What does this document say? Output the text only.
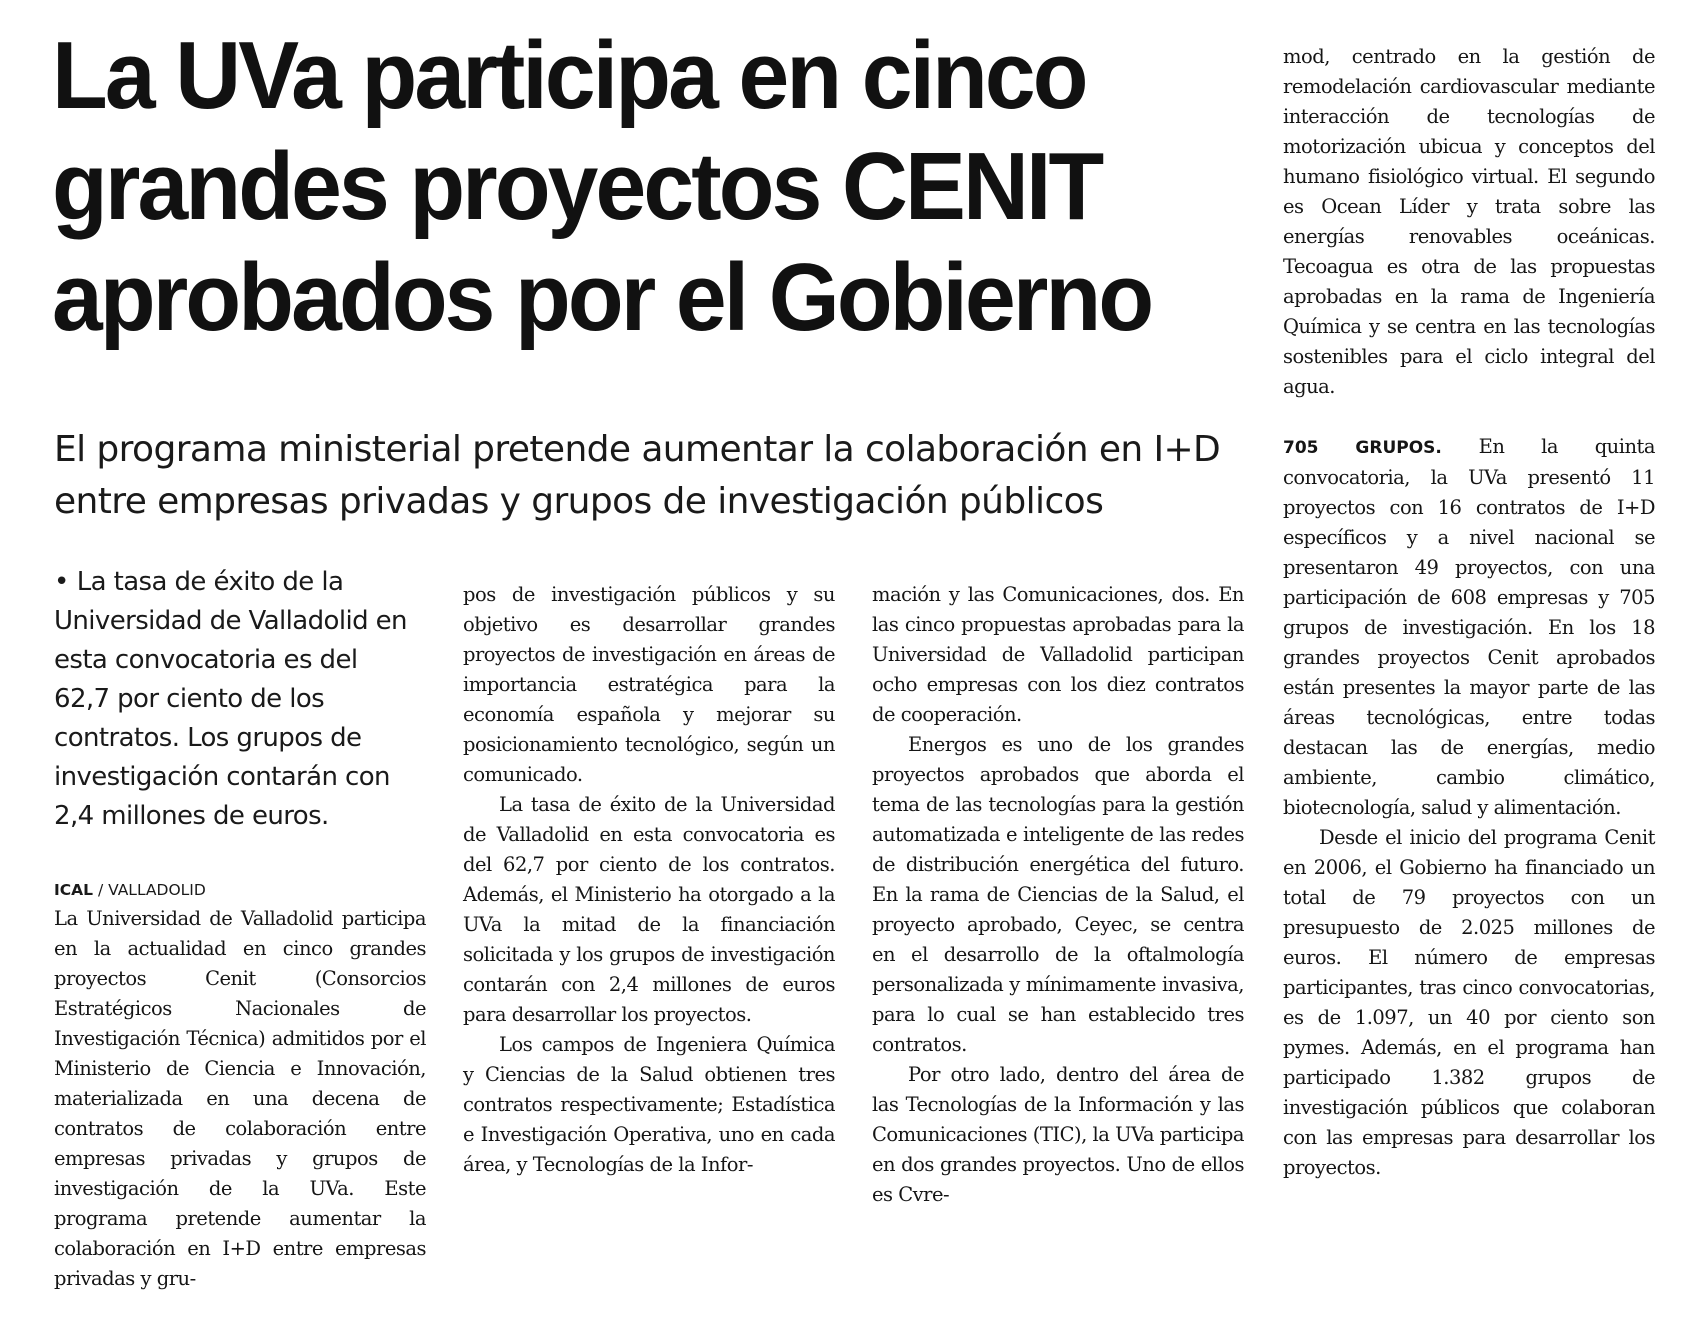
La UVa participa en cinco
grandes proyectos CENIT
aprobados por el Gobierno
El programa ministerial pretende aumentar la colaboración en I+D
entre empresas privadas y grupos de investigación públicos
• La tasa de éxito de la Universidad de Valladolid en esta convocatoria es del 62,7 por ciento de los contratos. Los grupos de investigación contarán con 2,4 millones de euros.
ICAL / VALLADOLID

La Universidad de Valladolid participa en la actualidad en cinco grandes proyectos Cenit (Consorcios Estratégicos Nacionales de Investigación Técnica) admitidos por el Ministerio de Ciencia e Innovación, materializada en una decena de contratos de colaboración entre empresas privadas y grupos de investigación de la UVa. Este programa pretende aumentar la colaboración en I+D entre empresas privadas y gru-

pos de investigación públicos y su objetivo es desarrollar grandes proyectos de investigación en áreas de importancia estratégica para la economía española y mejorar su posicionamiento tecnológico, según un comunicado.

La tasa de éxito de la Universidad de Valladolid en esta convocatoria es del 62,7 por ciento de los contratos. Además, el Ministerio ha otorgado a la UVa la mitad de la financiación solicitada y los grupos de investigación contarán con 2,4 millones de euros para desarrollar los proyectos.

Los campos de Ingeniera Química y Ciencias de la Salud obtienen tres contratos respectivamente; Estadística e Investigación Operativa, uno en cada área, y Tecnologías de la Infor-

mación y las Comunicaciones, dos. En las cinco propuestas aprobadas para la Universidad de Valladolid participan ocho empresas con los diez contratos de cooperación.

Energos es uno de los grandes proyectos aprobados que aborda el tema de las tecnologías para la gestión automatizada e inteligente de las redes de distribución energética del futuro. En la rama de Ciencias de la Salud, el proyecto aprobado, Ceyec, se centra en el desarrollo de la oftalmología personalizada y mínimamente invasiva, para lo cual se han establecido tres contratos.

Por otro lado, dentro del área de las Tecnologías de la Información y las Comunicaciones (TIC), la UVa participa en dos grandes proyectos. Uno de ellos es Cvre-

mod, centrado en la gestión de remodelación cardiovascular mediante interacción de tecnologías de motorización ubicua y conceptos del humano fisiológico virtual. El segundo es Ocean Líder y trata sobre las energías renovables oceánicas. Tecoagua es otra de las propuestas aprobadas en la rama de Ingeniería Química y se centra en las tecnologías sostenibles para el ciclo integral del agua.

705 GRUPOS. En la quinta convocatoria, la UVa presentó 11 proyectos con 16 contratos de I+D específicos y a nivel nacional se presentaron 49 proyectos, con una participación de 608 empresas y 705 grupos de investigación. En los 18 grandes proyectos Cenit aprobados están presentes la mayor parte de las áreas tecnológicas, entre todas destacan las de energías, medio ambiente, cambio climático, biotecnología, salud y alimentación.

Desde el inicio del programa Cenit en 2006, el Gobierno ha financiado un total de 79 proyectos con un presupuesto de 2.025 millones de euros. El número de empresas participantes, tras cinco convocatorias, es de 1.097, un 40 por ciento son pymes. Además, en el programa han participado 1.382 grupos de investigación públicos que colaboran con las empresas para desarrollar los proyectos.
